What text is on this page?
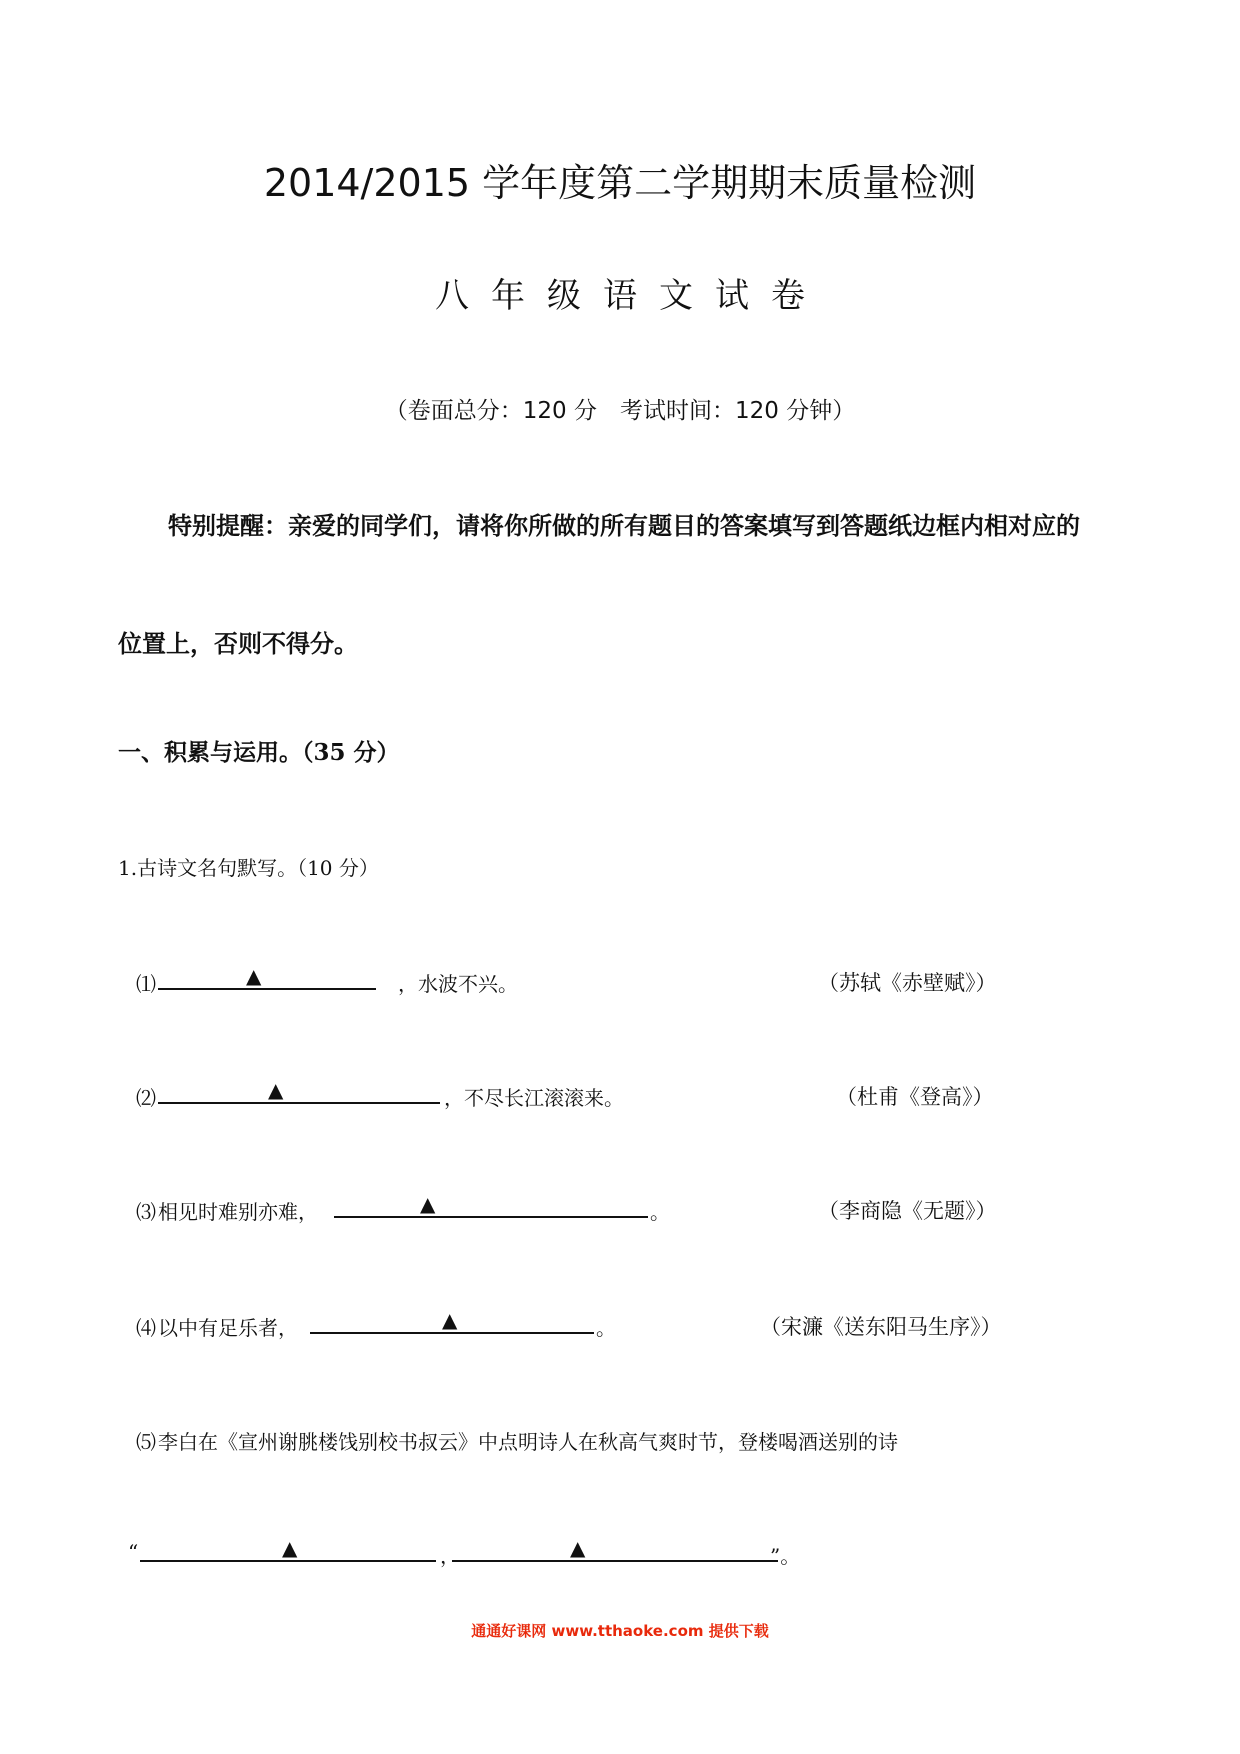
2014/2015 学年度第二学期期末质量检测
八年级语文试卷
（卷面总分：120 分　考试时间：120 分钟）
特别提醒：亲爱的同学们，请将你所做的所有题目的答案填写到答题纸边框内相对应的
位置上，否则不得分。
一、积累与运用。（35 分）
1.古诗文名句默写。（10 分）
⑴	▲	，水波不兴。	（苏轼《赤壁赋》）
⑵	▲	，不尽长江滚滚来。	（杜甫《登高》）
⑶ 相见时难别亦难，	▲	。	（李商隐《无题》）
⑷ 以中有足乐者，	▲	。	（宋濂《送东阳马生序》）
⑸ 李白在《宣州谢朓楼饯别校书叔云》中点明诗人在秋高气爽时节，登楼喝酒送别的诗
“	▲	，	▲	”。
通通好课网 www.tthaoke.com 提供下载
